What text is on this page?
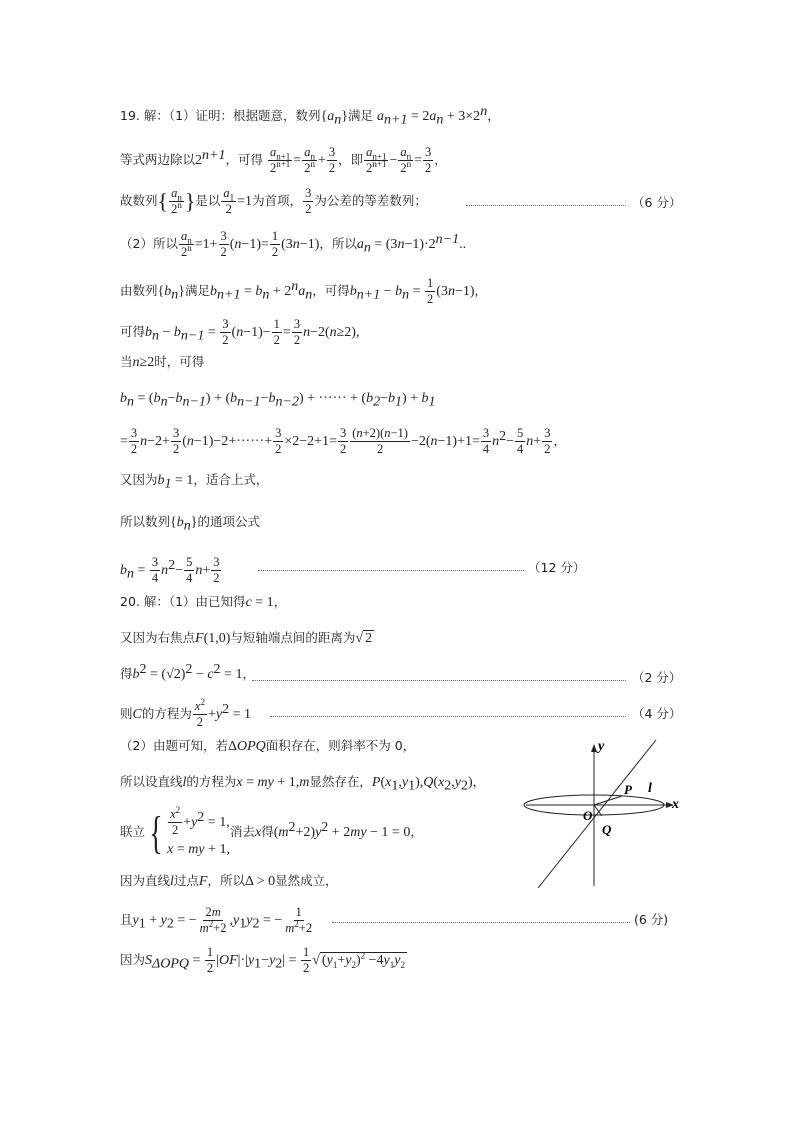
19. 解：（1）证明：根据题意，数列$\{a_n\}$满足 $a_{n+1} = 2a_n + 3\times 2^n$，
等式两边除以$2^{n+1}$，可得 $\frac{a_{n+1}}{2^{n+1}} = \frac{a_n}{2^n} + \frac{3}{2}$ ，即 $\frac{a_{n+1}}{2^{n+1}} - \frac{a_n}{2^n} = \frac{3}{2}$ ，
故数列{ $\frac{a_n}{2^n}$ }是以 $\frac{a_1}{2} =1$为首项， $\frac{3}{2}$ 为公差的等差数列；	（6 分）
（2）所以 $\frac{a_n}{2^n} =1+ \frac{3}{2} (n-1)= \frac{1}{2} (3n-1)$，所以$a_n = (3n-1)\cdot 2^{n-1}$..
由数列$\{b_n\}$满足$b_{n+1} = b_n + 2^na_n$，可得$b_{n+1} - b_n = \frac{1}{2} (3n-1)$，
可得$b_n - b_{n-1} = \frac{3}{2} (n-1)- \frac{1}{2} = \frac{3}{2} n-2(n\ge 2)$,
当n≥2时，可得
$b_n = (b_n-b_{n-1}) + (b_{n-1}-b_{n-2})$ + ······ + $(b_2-b_1) + b_1$
= $\frac{3}{2} n-2+ \frac{3}{2} (n-1)-2+\cdot\cdot\cdot\cdot\cdot\cdot+ \frac{3}{2} \times 2-2+1= \frac{3}{2} \frac{(n+2)(n-1)}{2} -2(n-1)+1= \frac{3}{4} n^2- \frac{5}{4} n+ \frac{3}{2}$ ，
又因为$b_1 = 1$，适合上式，
所以数列$\{b_n\}$的通项公式
$b_n = \frac{3}{4} n^2- \frac{5}{4} n+ \frac{3}{2}$	（12 分）
20. 解：（1）由已知得c = 1，
又因为右焦点F(1,0)与短轴端点间的距离为√ 2
得$b^2 = (√2)^2 - c^2 = 1$，	（2 分）
则C的方程为 $\frac{x^2}{2} +y^2 = 1$	（4 分）
（2）由题可知，若ΔOPQ面积存在，则斜率不为 0，
所以设直线l的方程为x = my + 1,m显然存在，$P(x_1,y_1),Q(x_2,y_2)$，
联立 { $\frac{x^2}{2} +y^2 = 1$,
x = my + 1,
消去x得$(m^2+2)y^2 + 2my - 1 = 0$，
因为直线l过点F，所以Δ > 0显然成立，
且$y_1 + y_2$ = − $\frac{2m}{m^2+2} ,y_1y_2$ = − $\frac{1}{m^2+2}$	(6 分)
因为$S_{\Delta OPQ} = \frac{1}{2} |OF|\cdot|y_1-y_2| = \frac{1}{2}$ √ $(y_1+y_2)^2 -4y_1y_2$
y
x
O
P
Q
l
